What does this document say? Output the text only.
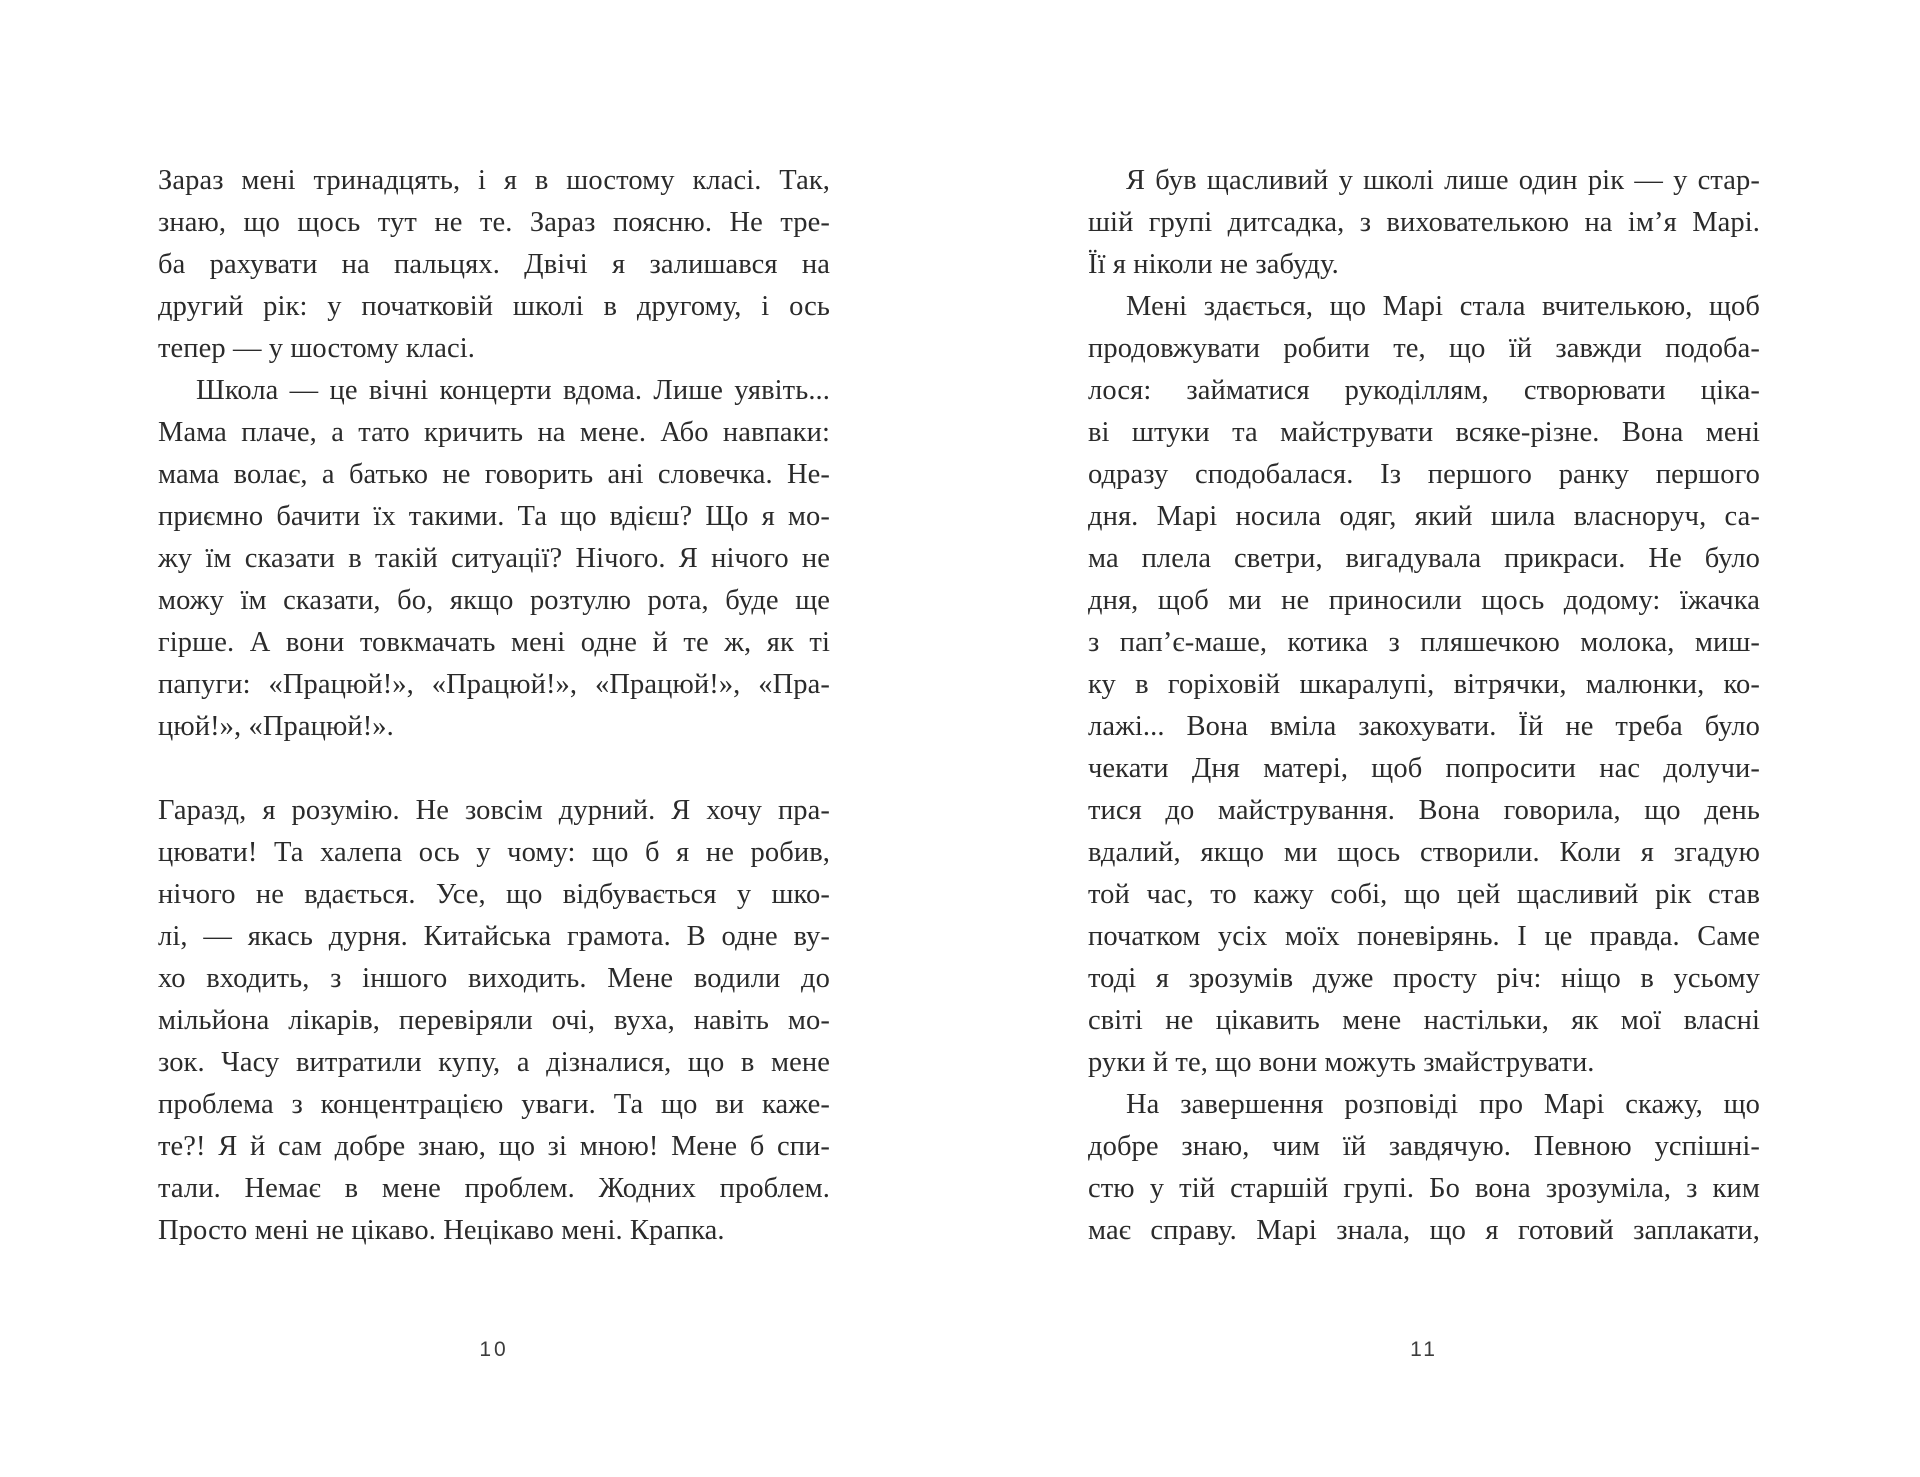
Зараз мені тринадцять, і я в шостому класі. Так,
знаю, що щось тут не те. Зараз поясню. Не тре-
ба рахувати на пальцях. Двічі я залишався на
другий рік: у початковій школі в другому, і ось
тепер — у шостому класі.
Школа — це вічні концерти вдома. Лише уявіть...
Мама плаче, а тато кричить на мене. Або навпаки:
мама волає, а батько не говорить ані словечка. Не-
приємно бачити їх такими. Та що вдієш? Що я мо-
жу їм сказати в такій ситуації? Нічого. Я нічого не
можу їм сказати, бо, якщо розтулю рота, буде ще
гірше. А вони товкмачать мені одне й те ж, як ті
папуги: «Працюй!», «Працюй!», «Працюй!», «Пра-
цюй!», «Працюй!».
Гаразд, я розумію. Не зовсім дурний. Я хочу пра-
цювати! Та халепа ось у чому: що б я не робив,
нічого не вдається. Усе, що відбувається у шко-
лі, — якась дурня. Китайська грамота. В одне ву-
хо входить, з іншого виходить. Мене водили до
мільйона лікарів, перевіряли очі, вуха, навіть мо-
зок. Часу витратили купу, а дізналися, що в мене
проблема з концентрацією уваги. Та що ви каже-
те?! Я й сам добре знаю, що зі мною! Мене б спи-
тали. Немає в мене проблем. Жодних проблем.
Просто мені не цікаво. Нецікаво мені. Крапка.
10
Я був щасливий у школі лише один рік — у стар-
шій групі дитсадка, з вихователькою на ім’я Марі.
Її я ніколи не забуду.
Мені здається, що Марі стала вчителькою, щоб
продовжувати робити те, що їй завжди подоба-
лося: займатися рукоділлям, створювати ціка-
ві штуки та майструвати всяке-різне. Вона мені
одразу сподобалася. Із першого ранку першого
дня. Марі носила одяг, який шила власноруч, са-
ма плела светри, вигадувала прикраси. Не було
дня, щоб ми не приносили щось додому: їжачка
з пап’є-маше, котика з пляшечкою молока, миш-
ку в горіховій шкаралупі, вітрячки, малюнки, ко-
лажі... Вона вміла закохувати. Їй не треба було
чекати Дня матері, щоб попросити нас долучи-
тися до майстрування. Вона говорила, що день
вдалий, якщо ми щось створили. Коли я згадую
той час, то кажу собі, що цей щасливий рік став
початком усіх моїх поневірянь. І це правда. Саме
тоді я зрозумів дуже просту річ: ніщо в усьому
світі не цікавить мене настільки, як мої власні
руки й те, що вони можуть змайструвати.
На завершення розповіді про Марі скажу, що
добре знаю, чим їй завдячую. Певною успішні-
стю у тій старшій групі. Бо вона зрозуміла, з ким
має справу. Марі знала, що я готовий заплакати,
11
